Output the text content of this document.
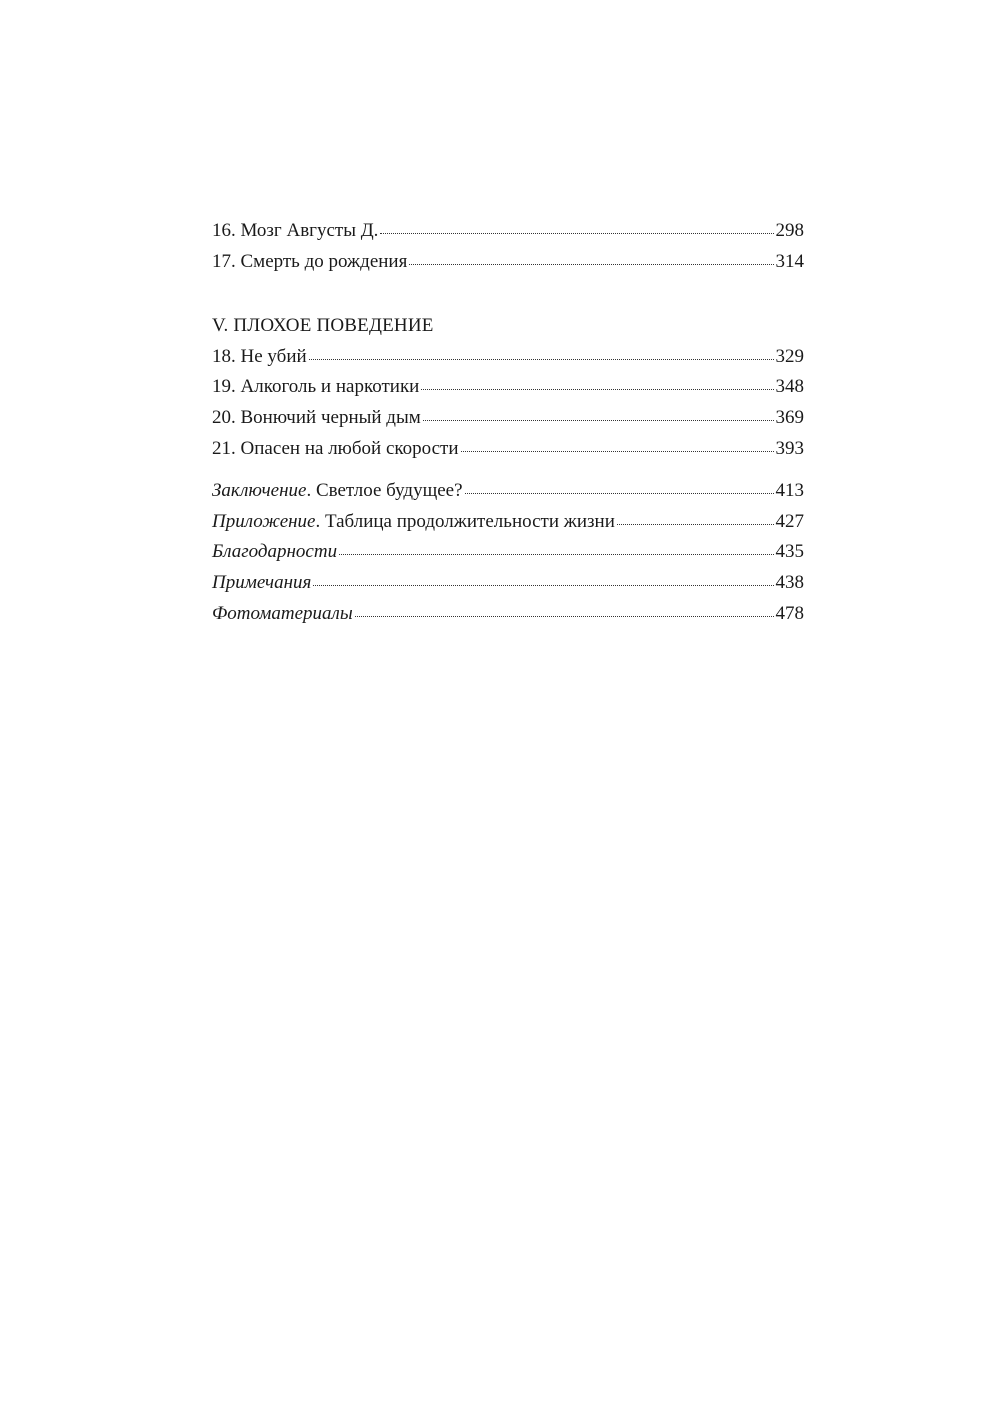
16. Мозг Августы Д.	298
17. Смерть до рождения	314
V. ПЛОХОЕ ПОВЕДЕНИЕ
18. Не убий	329
19. Алкоголь и наркотики	348
20. Вонючий черный дым	369
21. Опасен на любой скорости	393
Заключение. Светлое будущее?	413
Приложение. Таблица продолжительности жизни	427
Благодарности	435
Примечания	438
Фотоматериалы	478
